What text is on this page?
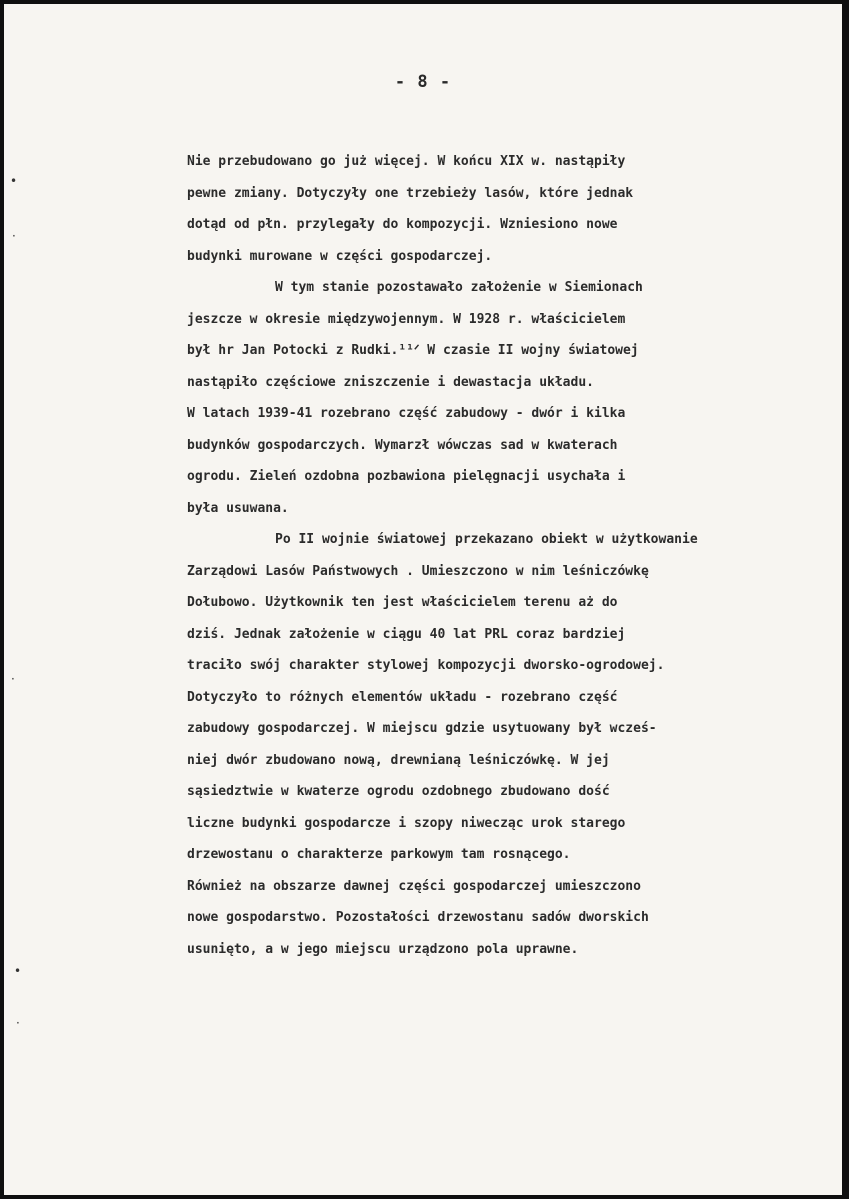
- 8 -
Nie przebudowano go już więcej. W końcu XIX w. nastąpiły
pewne zmiany. Dotyczyły one trzebieży lasów, które jednak
dotąd od płn. przylegały do kompozycji. Wzniesiono nowe
budynki murowane w części gospodarczej.
W tym stanie pozostawało założenie w Siemionach
jeszcze w okresie międzywojennym. W 1928 r. właścicielem
był hr Jan Potocki z Rudki.¹¹ᐟ W czasie II wojny światowej
nastąpiło częściowe zniszczenie i dewastacja układu.
W latach 1939-41 rozebrano część zabudowy - dwór i kilka
budynków gospodarczych. Wymarzł wówczas sad w kwaterach
ogrodu. Zieleń ozdobna pozbawiona pielęgnacji usychała i
była usuwana.
Po II wojnie światowej przekazano obiekt w użytkowanie
Zarządowi Lasów Państwowych . Umieszczono w nim leśniczówkę
Dołubowo. Użytkownik ten jest właścicielem terenu aż do
dziś. Jednak założenie w ciągu 40 lat PRL coraz bardziej
traciło swój charakter stylowej kompozycji dworsko-ogrodowej.
Dotyczyło to różnych elementów układu - rozebrano część
zabudowy gospodarczej. W miejscu gdzie usytuowany był wcześ-
niej dwór zbudowano nową, drewnianą leśniczówkę. W jej
sąsiedztwie w kwaterze ogrodu ozdobnego zbudowano dość
liczne budynki gospodarcze i szopy niwecząc urok starego
drzewostanu o charakterze parkowym tam rosnącego.
Również na obszarze dawnej części gospodarczej umieszczono
nowe gospodarstwo. Pozostałości drzewostanu sadów dworskich
usunięto, a w jego miejscu urządzono pola uprawne.
•
·
·
•
·
